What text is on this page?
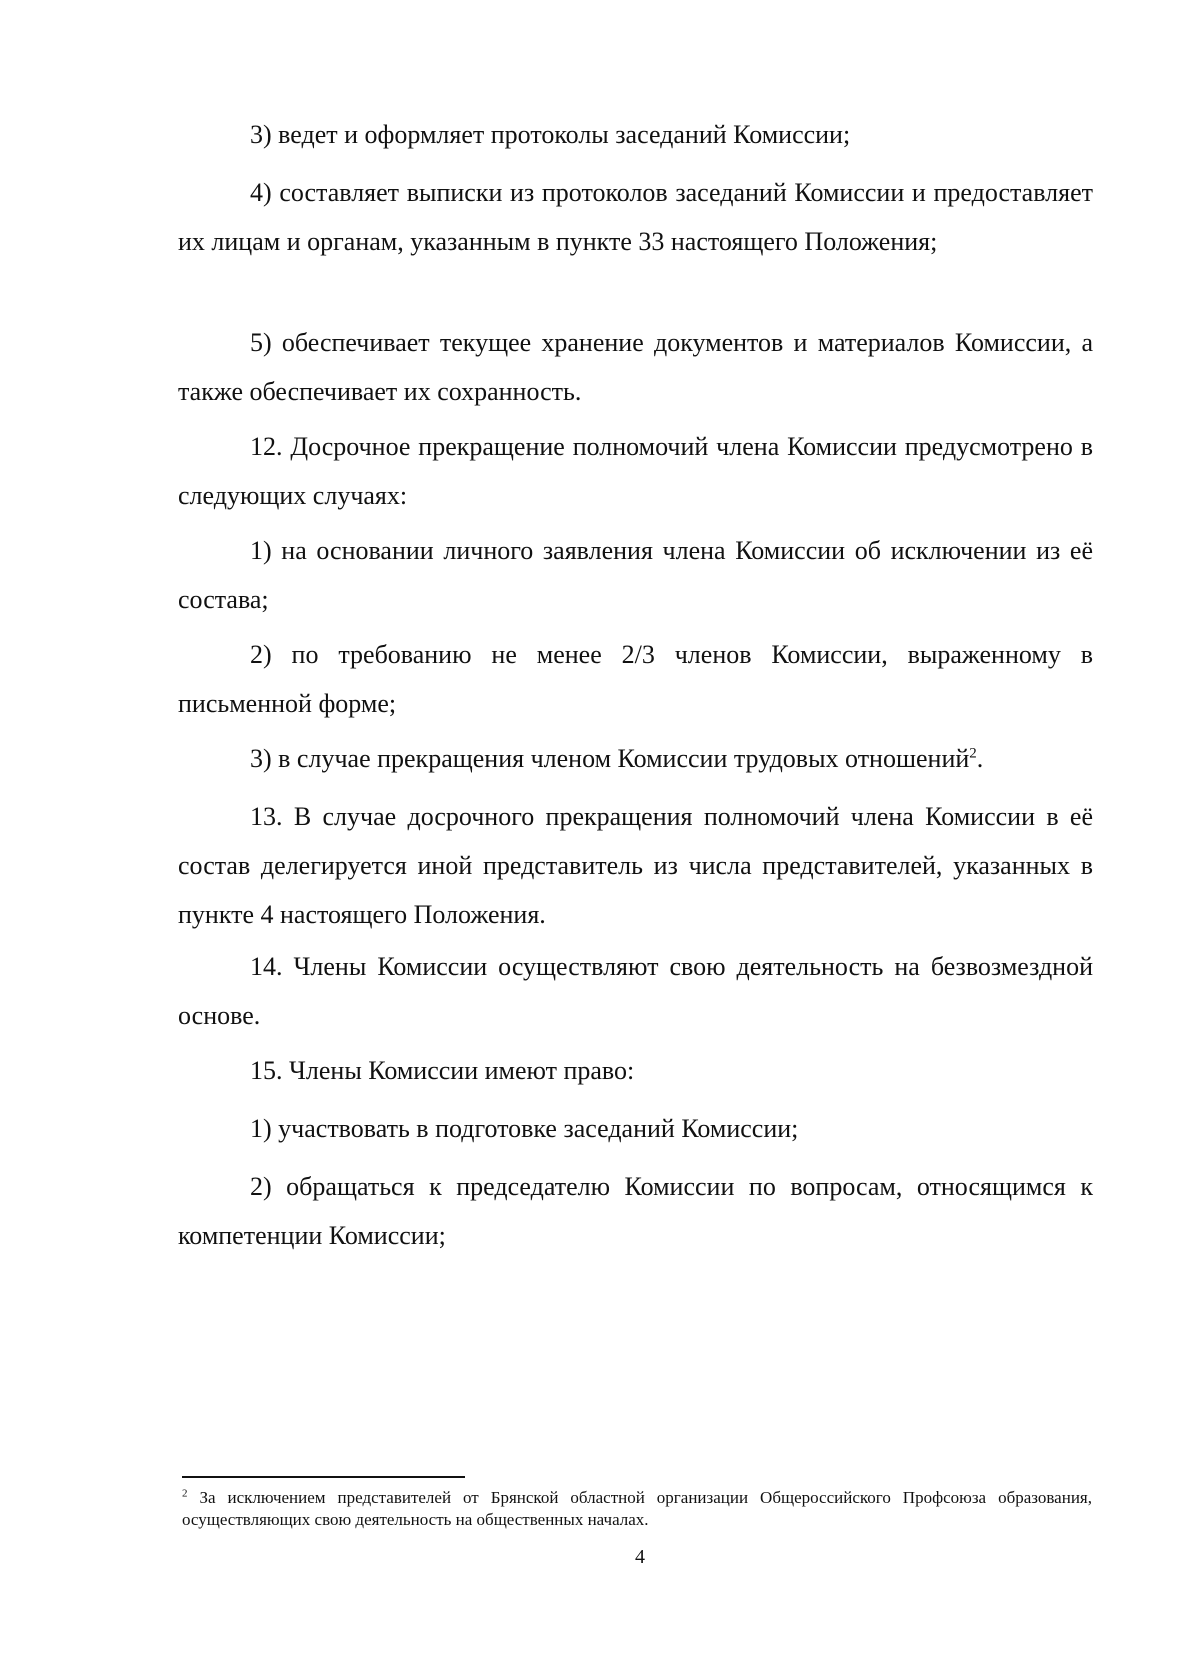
3) ведет и оформляет протоколы заседаний Комиссии;

4) составляет выписки из протоколов заседаний Комиссии и предоставляет их лицам и органам, указанным в пункте 33 настоящего Положения;

5) обеспечивает текущее хранение документов и материалов Комиссии, а также обеспечивает их сохранность.

12. Досрочное прекращение полномочий члена Комиссии предусмотрено в следующих случаях:

1) на основании личного заявления члена Комиссии об исключении из её состава;

2) по требованию не менее 2/3 членов Комиссии, выраженному в письменной форме;

3) в случае прекращения членом Комиссии трудовых отношений$^2$.

13. В случае досрочного прекращения полномочий члена Комиссии в её состав делегируется иной представитель из числа представителей, указанных в пункте 4 настоящего Положения.

14. Члены Комиссии осуществляют свою деятельность на безвозмездной основе.

15. Члены Комиссии имеют право:

1) участвовать в подготовке заседаний Комиссии;

2) обращаться к председателю Комиссии по вопросам, относящимся к компетенции Комиссии;

$^2$ За исключением представителей от Брянской областной организации Общероссийского Профсоюза образования, осуществляющих свою деятельность на общественных началах.

4
